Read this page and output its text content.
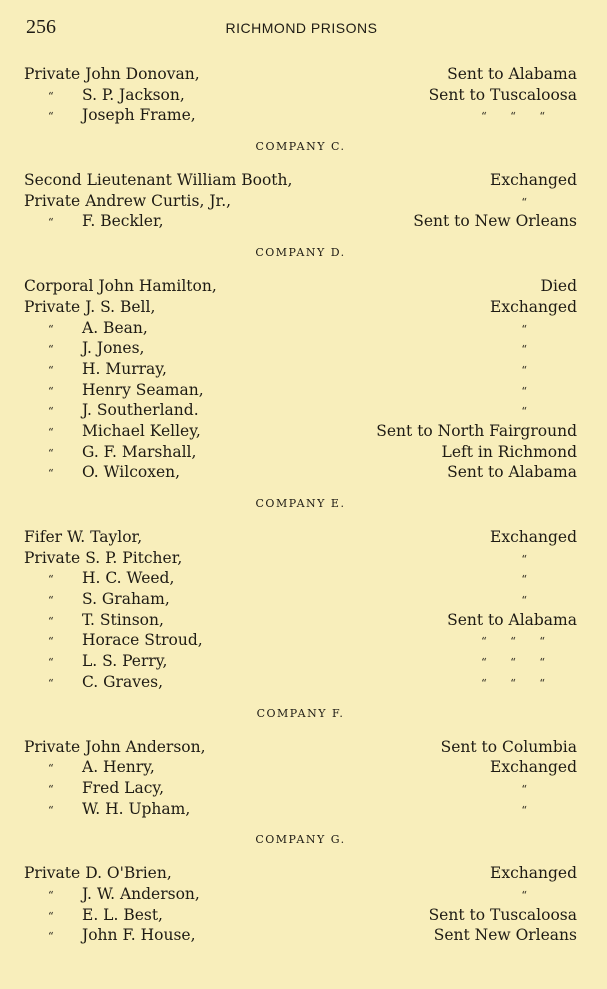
256	RICHMOND PRISONS
Private John Donovan,	Sent to Alabama
“	S. P. Jackson,	Sent to Tuscaloosa
“	Joseph Frame,	“ “ “
COMPANY C.
Second Lieutenant William Booth,	Exchanged
Private Andrew Curtis, Jr.,	“
“	F. Beckler,	Sent to New Orleans
COMPANY D.
Corporal John Hamilton,	Died
Private J. S. Bell,	Exchanged
“	A. Bean,	“
“	J. Jones,	“
“	H. Murray,	“
“	Henry Seaman,	“
“	J. Southerland.	“
“	Michael Kelley,	Sent to North Fairground
“	G. F. Marshall,	Left in Richmond
“	O. Wilcoxen,	Sent to Alabama
COMPANY E.
Fifer W. Taylor,	Exchanged
Private S. P. Pitcher,	“
“	H. C. Weed,	“
“	S. Graham,	“
“	T. Stinson,	Sent to Alabama
“	Horace Stroud,	“ “ “
“	L. S. Perry,	“ “ “
“	C. Graves,	“ “ “
COMPANY F.
Private John Anderson,	Sent to Columbia
“	A. Henry,	Exchanged
“	Fred Lacy,	“
“	W. H. Upham,	“
COMPANY G.
Private D. O'Brien,	Exchanged
“	J. W. Anderson,	“
“	E. L. Best,	Sent to Tuscaloosa
“	John F. House,	Sent New Orleans
